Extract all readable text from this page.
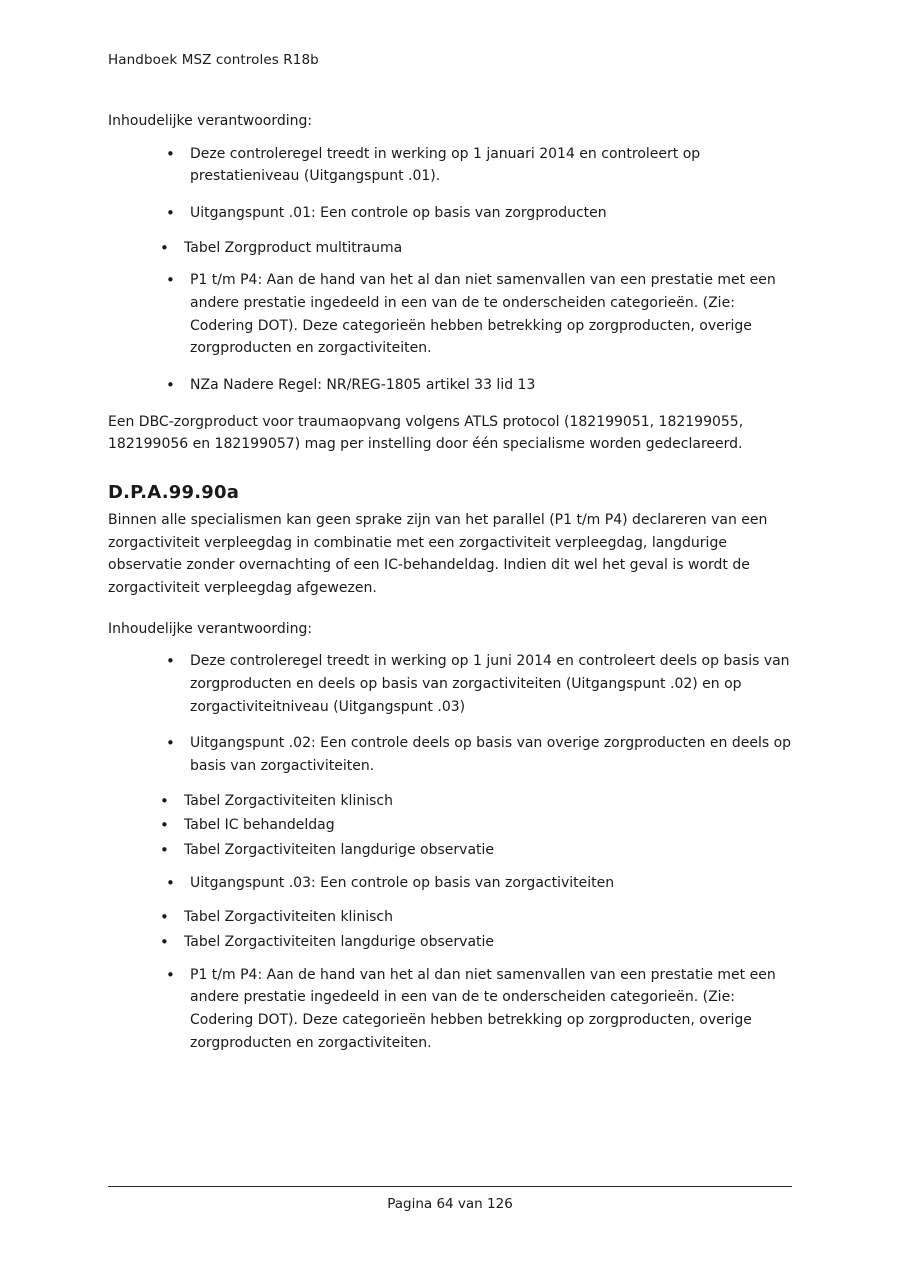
Handboek MSZ controles R18b

Inhoudelijke verantwoording:

• Deze controleregel treedt in werking op 1 januari 2014 en controleert op prestatieniveau (Uitgangspunt .01).
• Uitgangspunt .01: Een controle op basis van zorgproducten
• Tabel Zorgproduct multitrauma
• P1 t/m P4: Aan de hand van het al dan niet samenvallen van een prestatie met een andere prestatie ingedeeld in een van de te onderscheiden categorieën. (Zie: Codering DOT). Deze categorieën hebben betrekking op zorgproducten, overige zorgproducten en zorgactiviteiten.
• NZa Nadere Regel: NR/REG-1805 artikel 33 lid 13

Een DBC-zorgproduct voor traumaopvang volgens ATLS protocol (182199051, 182199055, 182199056 en 182199057) mag per instelling door één specialisme worden gedeclareerd.

D.P.A.99.90a

Binnen alle specialismen kan geen sprake zijn van het parallel (P1 t/m P4) declareren van een zorgactiviteit verpleegdag in combinatie met een zorgactiviteit verpleegdag, langdurige observatie zonder overnachting of een IC-behandeldag. Indien dit wel het geval is wordt de zorgactiviteit verpleegdag afgewezen.

Inhoudelijke verantwoording:

• Deze controleregel treedt in werking op 1 juni 2014 en controleert deels op basis van zorgproducten en deels op basis van zorgactiviteiten (Uitgangspunt .02) en op zorgactiviteitniveau (Uitgangspunt .03)
• Uitgangspunt .02: Een controle deels op basis van overige zorgproducten en deels op basis van zorgactiviteiten.
• Tabel Zorgactiviteiten klinisch
• Tabel IC behandeldag
• Tabel Zorgactiviteiten langdurige observatie
• Uitgangspunt .03: Een controle op basis van zorgactiviteiten
• Tabel Zorgactiviteiten klinisch
• Tabel Zorgactiviteiten langdurige observatie
• P1 t/m P4: Aan de hand van het al dan niet samenvallen van een prestatie met een andere prestatie ingedeeld in een van de te onderscheiden categorieën. (Zie: Codering DOT). Deze categorieën hebben betrekking op zorgproducten, overige zorgproducten en zorgactiviteiten.
Pagina 64 van 126
